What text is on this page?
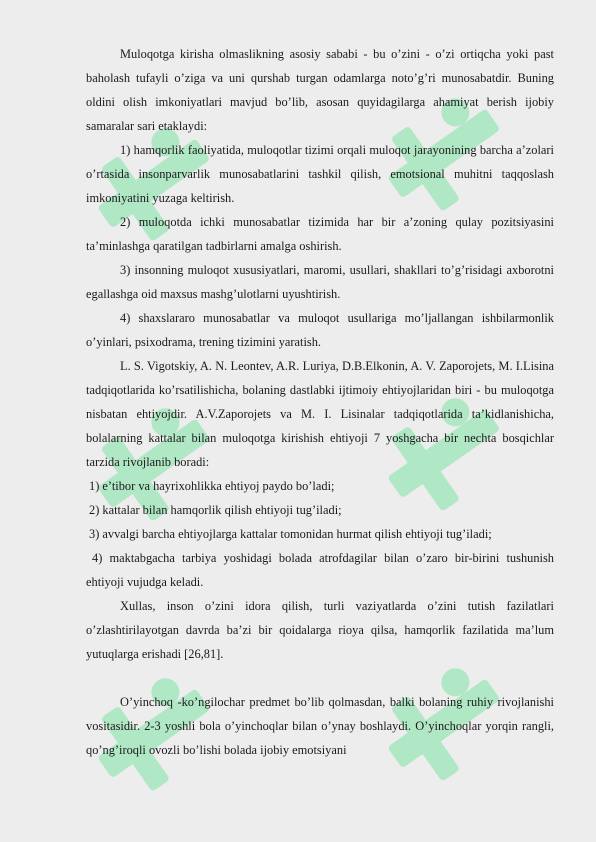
Muloqotga kirisha olmaslikning asosiy sababi - bu o’zini - o’zi ortiqcha yoki past baholash tufayli o’ziga va uni qurshab turgan odamlarga noto’g’ri munosabatdir. Buning oldini olish imkoniyatlari mavjud bo’lib, asosan quyidagilarga ahamiyat berish ijobiy samaralar sari etaklaydi:

1) hamqorlik faoliyatida, muloqotlar tizimi orqali muloqot jarayonining barcha a’zolari o’rtasida insonparvarlik munosabatlarini tashkil qilish, emotsional muhitni taqqoslash imkoniyatini yuzaga keltirish.

2) muloqotda ichki munosabatlar tizimida har bir a’zoning qulay pozitsiyasini ta’minlashga qaratilgan tadbirlarni amalga oshirish.

3) insonning muloqot xususiyatlari, maromi, usullari, shakllari to’g’risidagi axborotni egallashga oid maxsus mashg’ulotlarni uyushtirish.

4) shaxslararo munosabatlar va muloqot usullariga mo’ljallangan ishbilarmonlik o’yinlari, psixodrama, trening tizimini yaratish.

L. S. Vigotskiy, A. N. Leontev, A.R. Luriya, D.B.Elkonin, A. V. Zaporojets, M. I.Lisina tadqiqotlarida ko’rsatilishicha, bolaning dastlabki ijtimoiy ehtiyojlaridan biri - bu muloqotga nisbatan ehtiyojdir. A.V.Zaporojets va M. I. Lisinalar tadqiqotlarida ta’kidlanishicha, bolalarning kattalar bilan muloqotga kirishish ehtiyoji 7 yoshgacha bir nechta bosqichlar tarzida rivojlanib boradi:

1) e’tibor va hayrixohlikka ehtiyoj paydo bo’ladi;

2) kattalar bilan hamqorlik qilish ehtiyoji tug’iladi;

3) avvalgi barcha ehtiyojlarga kattalar tomonidan hurmat qilish ehtiyoji tug’iladi;

4) maktabgacha tarbiya yoshidagi bolada atrofdagilar bilan o’zaro bir-birini tushunish ehtiyoji vujudga keladi.

Xullas, inson o’zini idora qilish, turli vaziyatlarda o’zini tutish fazilatlari o’zlashtirilayotgan davrda ba’zi bir qoidalarga rioya qilsa, hamqorlik fazilatida ma’lum yutuqlarga erishadi [26,81].

O’yinchoq -ko’ngilochar predmet bo’lib qolmasdan, balki bolaning ruhiy rivojlanishi vositasidir. 2-3 yoshli bola o’yinchoqlar bilan o’ynay boshlaydi. O’yinchoqlar yorqin rangli, qo’ng’iroqli ovozli bo’lishi bolada ijobiy emotsiyani
